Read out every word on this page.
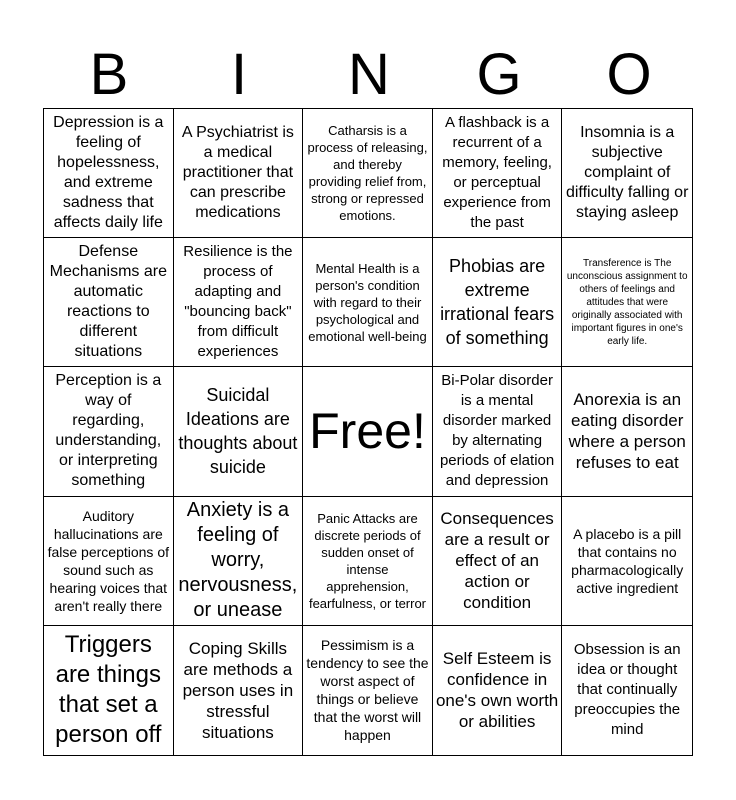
B	I	N	G	O
Depression is a feeling of hopelessness, and extreme sadness that affects daily life
A Psychiatrist is a medical practitioner that can prescribe medications
Catharsis is a process of releasing, and thereby providing relief from, strong or repressed emotions.
A flashback is a recurrent of a memory, feeling, or perceptual experience from the past
Insomnia is a subjective complaint of difficulty falling or staying asleep
Defense Mechanisms are automatic reactions to different situations
Resilience is the process of adapting and "bouncing back" from difficult experiences
Mental Health is a person's condition with regard to their psychological and emotional well-being
Phobias are extreme irrational fears of something
Transference is The unconscious assignment to others of feelings and attitudes that were originally associated with important figures in one's early life.
Perception is a way of regarding, understanding, or interpreting something
Suicidal Ideations are thoughts about suicide
Free!
Bi-Polar disorder is a mental disorder marked by alternating periods of elation and depression
Anorexia is an eating disorder where a person refuses to eat
Auditory hallucinations are false perceptions of sound such as hearing voices that aren't really there
Anxiety is a feeling of worry, nervousness, or unease
Panic Attacks are discrete periods of sudden onset of intense apprehension, fearfulness, or terror
Consequences are a result or effect of an action or condition
A placebo is a pill that contains no pharmacologically active ingredient
Triggers are things that set a person off
Coping Skills are methods a person uses in stressful situations
Pessimism is a tendency to see the worst aspect of things or believe that the worst will happen
Self Esteem is confidence in one's own worth or abilities
Obsession is an idea or thought that continually preoccupies the mind
